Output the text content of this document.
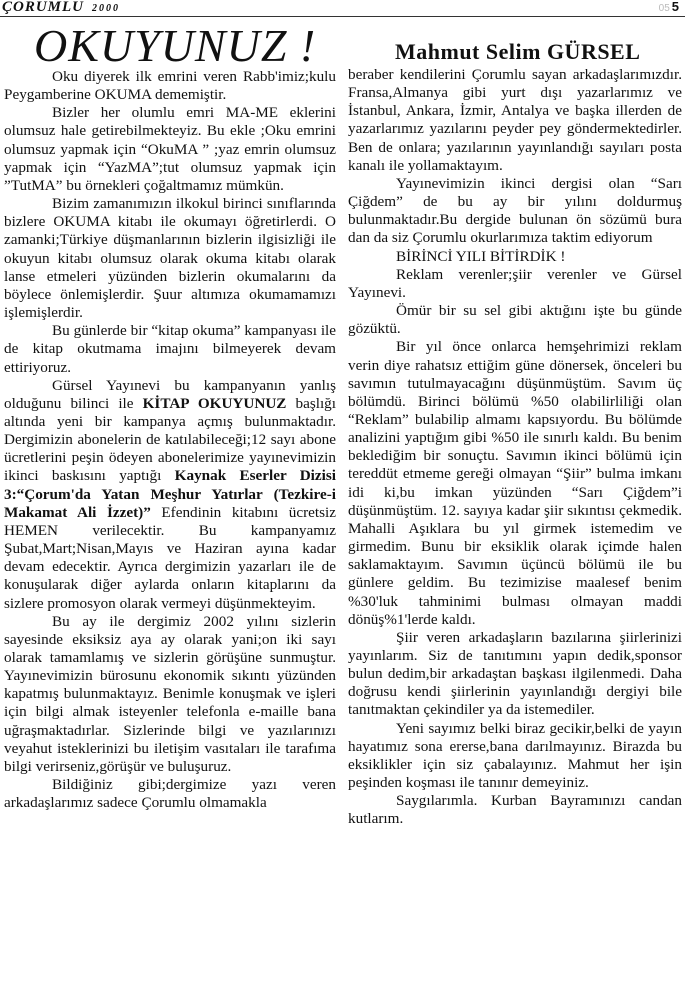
ÇORUMLU 2000	05 5
OKUYUNUZ !	Mahmut Selim GÜRSEL

Oku diyerek ilk emrini veren Rabb'imiz;kulu Peygamberine OKUMA dememiştir.

Bizler her olumlu emri MA-ME eklerini olumsuz hale getirebilmekteyiz. Bu ekle ;Oku emrini olumsuz yapmak için “OkuMA ” ;yaz emrin olumsuz yapmak için “YazMA”;tut olumsuz yapmak için ”TutMA” bu örnekleri çoğaltmamız mümkün.

Bizim zamanımızın ilkokul birinci sınıflarında bizlere OKUMA kitabı ile okumayı öğretirlerdi. O zamanki;Türkiye düşmanlarının bizlerin ilgisizliği ile okuyun kitabı olumsuz olarak okuma kitabı olarak lanse etmeleri yüzünden bizlerin okumalarını da böylece önlemişlerdir. Şuur altımıza okumamamızı işlemişlerdir.

Bu günlerde bir “kitap okuma” kampanyası ile de kitap okutmama imajını bilmeyerek devam ettiriyoruz.

Gürsel Yayınevi bu kampanyanın yanlış olduğunu bilinci ile KİTAP OKUYUNUZ başlığı altında yeni bir kampanya açmış bulunmaktadır. Dergimizin abonelerin de katılabileceği;12 sayı abone ücretlerini peşin ödeyen abonelerimize yayınevimizin ikinci baskısını yaptığı Kaynak Eserler Dizisi 3:“Çorum'da Yatan Meşhur Yatırlar (Tezkire-i Makamat Ali İzzet)” Efendinin kitabını ücretsiz HEMEN verilecektir. Bu kampanyamız Şubat,Mart;Nisan,Mayıs ve Haziran ayına kadar devam edecektir. Ayrıca dergimizin yazarları ile de konuşularak diğer aylarda onların kitaplarını da sizlere promosyon olarak vermeyi düşünmekteyim.

Bu ay ile dergimiz 2002 yılını sizlerin sayesinde eksiksiz aya ay olarak yani;on iki sayı olarak tamamlamış ve sizlerin görüşüne sunmuştur. Yayınevimizin bürosunu ekonomik sıkıntı yüzünden kapatmış bulunmaktayız. Benimle konuşmak ve işleri için bilgi almak isteyenler telefonla e-maille bana uğraşmaktadırlar. Sizlerinde bilgi ve yazılarınızı veyahut isteklerinizi bu iletişim vasıtaları ile tarafıma bilgi verirseniz,görüşür ve buluşuruz.

Bildiğiniz gibi;dergimize yazı veren arkadaşlarımız sadece Çorumlu olmamakla

beraber kendilerini Çorumlu sayan arkadaşlarımızdır. Fransa,Almanya gibi yurt dışı yazarlarımız ve İstanbul, Ankara, İzmir, Antalya ve başka illerden de yazarlarımız yazılarını peyder pey göndermektedirler. Ben de onlara; yazılarının yayınlandığı sayıları posta kanalı ile yollamaktayım.

Yayınevimizin ikinci dergisi olan “Sarı Çiğdem” de bu ay bir yılını doldurmuş bulunmaktadır.Bu dergide bulunan ön sözümü bura dan da siz Çorumlu okurlarımıza taktim ediyorum

BİRİNCİ YILI BİTİRDİK !

Reklam verenler;şiir verenler ve Gürsel Yayınevi.

Ömür bir su sel gibi aktığını işte bu günde gözüktü.

Bir yıl önce onlarca hemşehrimizi reklam verin diye rahatsız ettiğim güne dönersek, önceleri bu savımın tutulmayacağını düşünmüştüm. Savım üç bölümdü. Birinci bölümü %50 olabilirliliği olan “Reklam” bulabilip almamı kapsıyordu. Bu bölümde analizini yaptığım gibi %50 ile sınırlı kaldı. Bu benim beklediğim bir sonuçtu. Savımın ikinci bölümü için tereddüt etmeme gereği olmayan “Şiir” bulma imkanı idi ki,bu imkan yüzünden “Sarı Çiğdem”i düşünmüştüm. 12. sayıya kadar şiir sıkıntısı çekmedik. Mahalli Aşıklara bu yıl girmek istemedim ve girmedim. Bunu bir eksiklik olarak içimde halen saklamaktayım. Savımın üçüncü bölümü ile bu günlere geldim. Bu tezimizise maalesef benim %30'luk tahminimi bulması olmayan maddi dönüş%1'lerde kaldı.

Şiir veren arkadaşların bazılarına şiirlerinizi yayınlarım. Siz de tanıtımını yapın dedik,sponsor bulun dedim,bir arkadaştan başkası ilgilenmedi. Daha doğrusu kendi şiirlerinin yayınlandığı dergiyi bile tanıtmaktan çekindiler ya da istemediler.

Yeni sayımız belki biraz gecikir,belki de yayın hayatımız sona ererse,bana darılmayınız. Birazda bu eksiklikler için siz çabalayınız. Mahmut her işin peşinden koşması ile tanınır demeyiniz.

Saygılarımla. Kurban Bayramınızı candan kutlarım.
